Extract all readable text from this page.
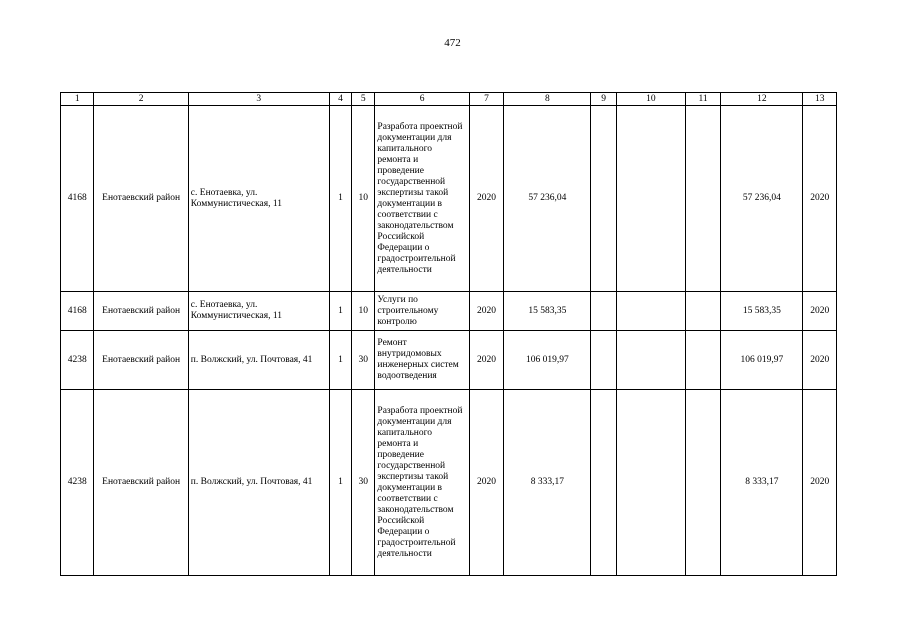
472
1	2	3	4	5	6	7	8	9	10	11	12	13
4168	Енотаевский район	с. Енотаевка, ул. Коммунистическая, 11	1	10	Разработа проектной документации для капитального ремонта и проведение государственной экспертизы такой документации в соответствии с законодательством Российской Федерации о градостроительной деятельности	2020	57 236,04				57 236,04	2020
4168	Енотаевский район	с. Енотаевка, ул. Коммунистическая, 11	1	10	Услуги по строительному контролю	2020	15 583,35				15 583,35	2020
4238	Енотаевский район	п. Волжский, ул. Почтовая, 41	1	30	Ремонт внутридомовых инженерных систем водоотведения	2020	106 019,97				106 019,97	2020
4238	Енотаевский район	п. Волжский, ул. Почтовая, 41	1	30	Разработа проектной документации для капитального ремонта и проведение государственной экспертизы такой документации в соответствии с законодательством Российской Федерации о градостроительной деятельности	2020	8 333,17				8 333,17	2020
